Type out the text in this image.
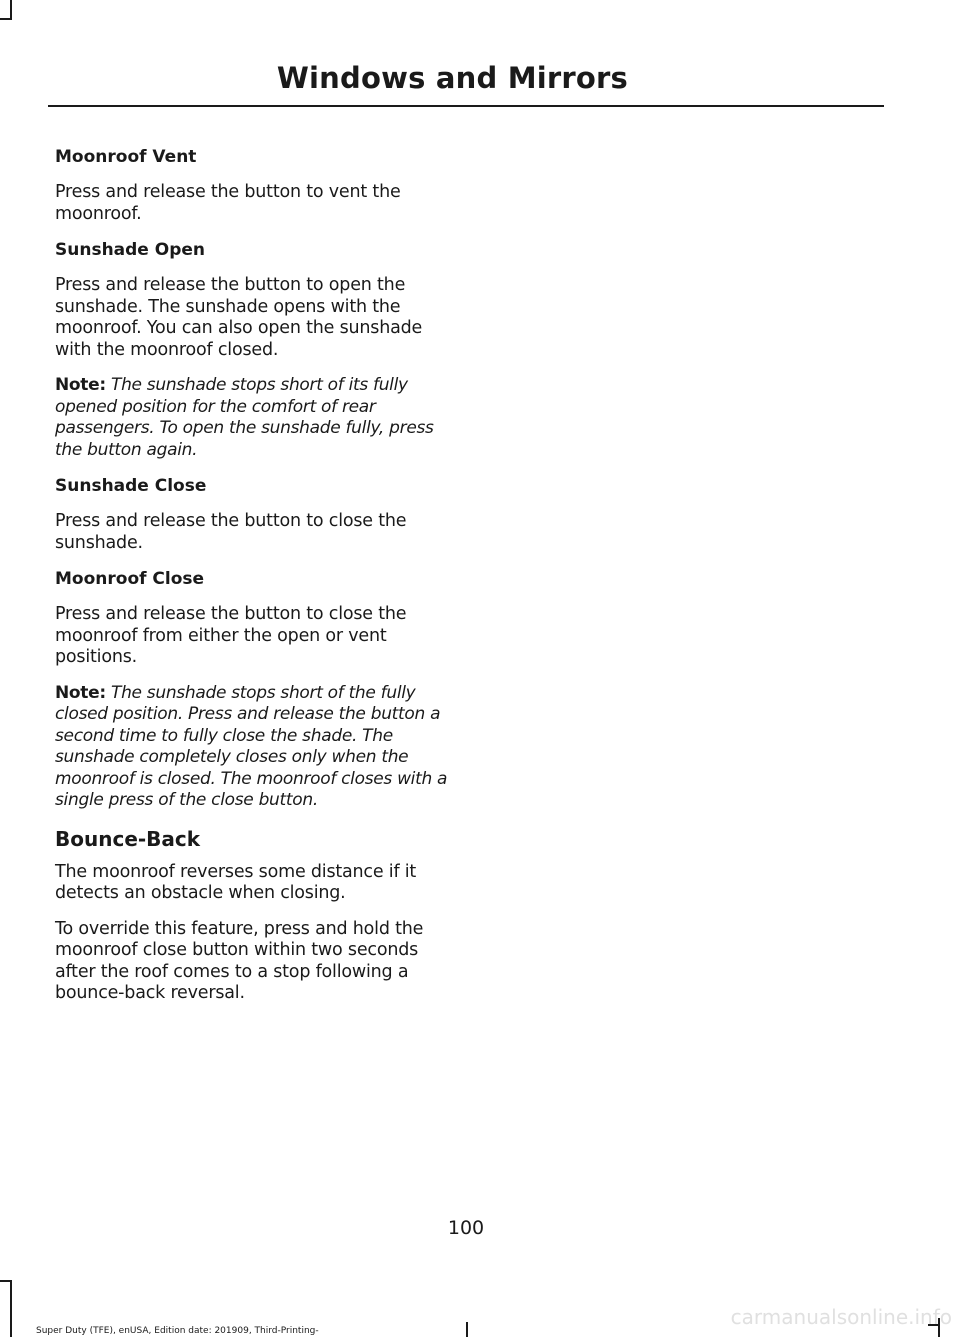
Windows and Mirrors
Moonroof Vent

Press and release the button to vent the moonroof.

Sunshade Open

Press and release the button to open the sunshade. The sunshade opens with the moonroof. You can also open the sunshade with the moonroof closed.

Note: The sunshade stops short of its fully opened position for the comfort of rear passengers. To open the sunshade fully, press the button again.

Sunshade Close

Press and release the button to close the sunshade.

Moonroof Close

Press and release the button to close the moonroof from either the open or vent positions.

Note: The sunshade stops short of the fully closed position. Press and release the button a second time to fully close the shade. The sunshade completely closes only when the moonroof is closed. The moonroof closes with a single press of the close button.

Bounce-Back

The moonroof reverses some distance if it detects an obstacle when closing.

To override this feature, press and hold the moonroof close button within two seconds after the roof comes to a stop following a bounce-back reversal.

100
Super Duty (TFE), enUSA, Edition date: 201909, Third-Printing-
carmanualsonline.info
